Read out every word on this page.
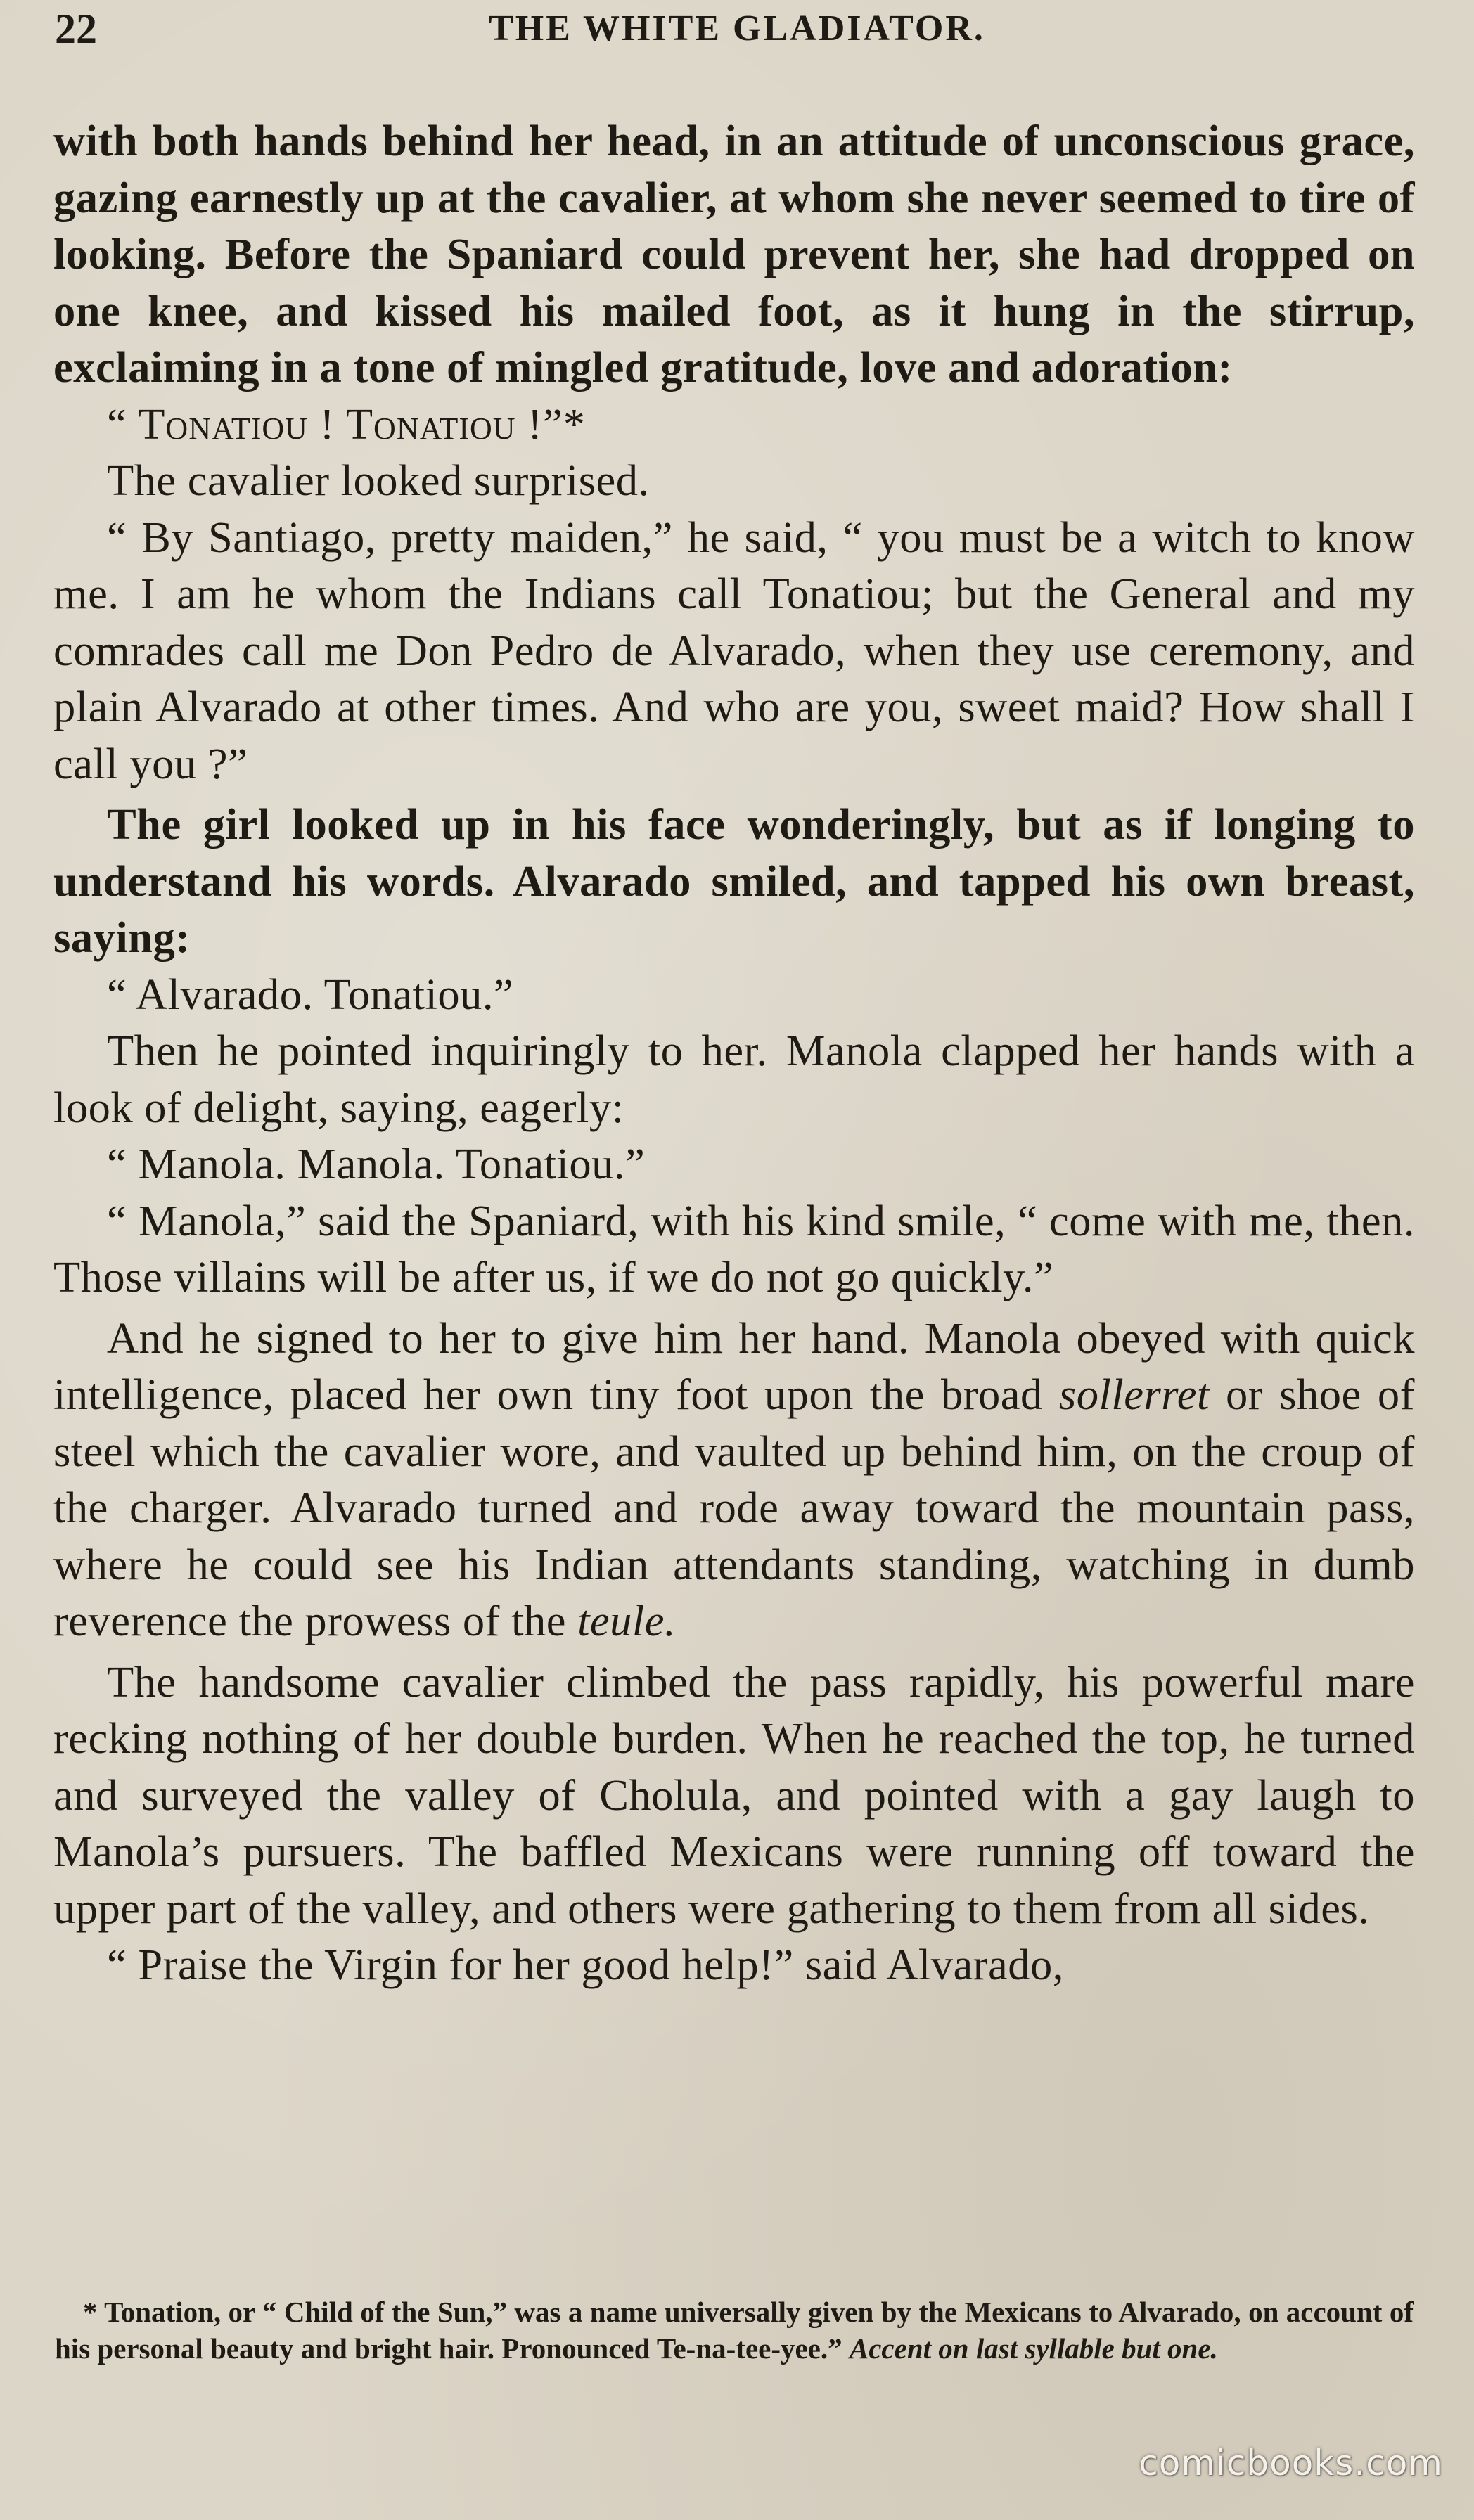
22	THE WHITE GLADIATOR.

with both hands behind her head, in an attitude of unconscious grace, gazing earnestly up at the cavalier, at whom she never seemed to tire of looking. Before the Spaniard could prevent her, she had dropped on one knee, and kissed his mailed foot, as it hung in the stirrup, exclaiming in a tone of mingled gratitude, love and adoration:

“ Tonatiou ! Tonatiou !”*

The cavalier looked surprised.

“ By Santiago, pretty maiden,” he said, “ you must be a witch to know me. I am he whom the Indians call Tonatiou; but the General and my comrades call me Don Pedro de Alvarado, when they use ceremony, and plain Alvarado at other times. And who are you, sweet maid? How shall I call you ?”

The girl looked up in his face wonderingly, but as if longing to understand his words. Alvarado smiled, and tapped his own breast, saying:

“ Alvarado. Tonatiou.”

Then he pointed inquiringly to her. Manola clapped her hands with a look of delight, saying, eagerly:

“ Manola. Manola. Tonatiou.”

“ Manola,” said the Spaniard, with his kind smile, “ come with me, then. Those villains will be after us, if we do not go quickly.”

And he signed to her to give him her hand. Manola obeyed with quick intelligence, placed her own tiny foot upon the broad sollerret or shoe of steel which the cavalier wore, and vaulted up behind him, on the croup of the charger. Alvarado turned and rode away toward the mountain pass, where he could see his Indian attendants standing, watching in dumb reverence the prowess of the teule.

The handsome cavalier climbed the pass rapidly, his powerful mare recking nothing of her double burden. When he reached the top, he turned and surveyed the valley of Cholula, and pointed with a gay laugh to Manola’s pursuers. The baffled Mexicans were running off toward the upper part of the valley, and others were gathering to them from all sides.

“ Praise the Virgin for her good help!” said Alvarado,

* Tonation, or “ Child of the Sun,” was a name universally given by the Mexicans to Alvarado, on account of his personal beauty and bright hair. Pronounced Te-na-tee-yee.” Accent on last syllable but one.
comicbooks.com
